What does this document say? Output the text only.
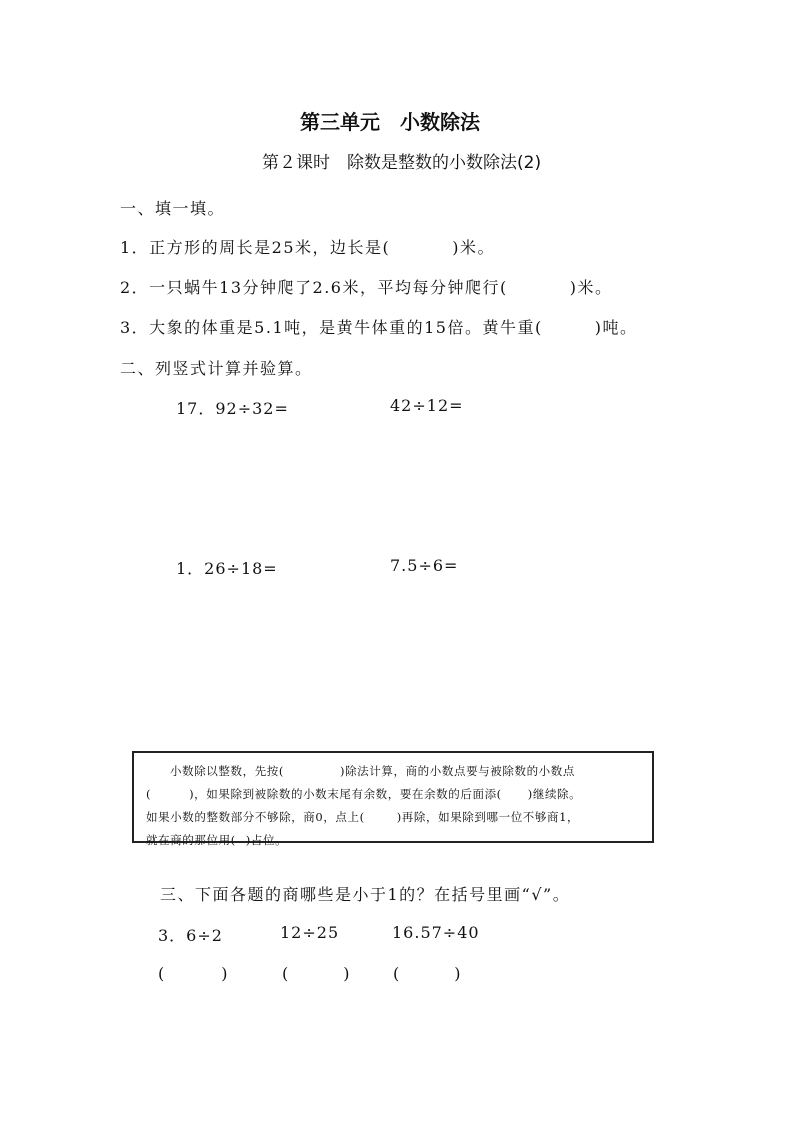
第三单元　小数除法
第２课时　除数是整数的小数除法(2)
一、填一填。
1．正方形的周长是25米，边长是(	)米。
2．一只蜗牛13分钟爬了2.6米，平均每分钟爬行(	)米。
3．大象的体重是5.1吨，是黄牛体重的15倍。黄牛重(	)吨。
二、列竖式计算并验算。
17．92÷32=	42÷12=
1．26÷18=	7.5÷6=

小数除以整数，先按(	)除法计算，商的小数点要与被除数的小数点

(	)，如果除到被除数的小数末尾有余数，要在余数的后面添( )继续除。

如果小数的整数部分不够除，商0，点上(	)再除，如果除到哪一位不够商1，

就在商的那位用( )占位。

三、下面各题的商哪些是小于1的？在括号里画“√”。
3．6÷2	12÷25	16.57÷40
(	)	(	)	(	)
